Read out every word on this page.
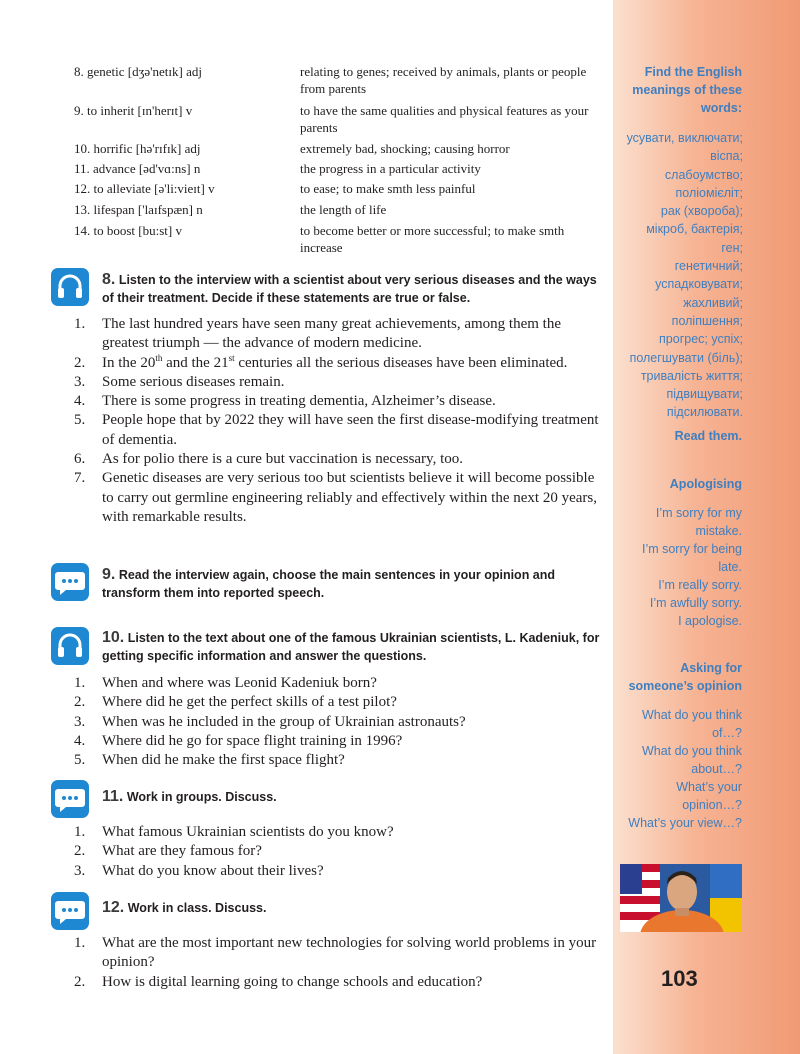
Find the English
meanings of these
words:
усувати, виключати;
віспа;
слабоумство;
поліомієліт;
рак (хвороба);
мікроб, бактерія;
ген;
генетичний;
успадковувати;
жахливий;
поліпшення;
прогрес; успіх;
полегшувати (біль);
тривалість життя;
підвищувати;
підсилювати.
Read them.
Apologising
I’m sorry for my
mistake.
I’m sorry for being
late.
I’m really sorry.
I’m awfully sorry.
I apologise.
Asking for
someone’s opinion
What do you think
of…?
What do you think
about…?
What’s your
opinion…?
What’s your view…?
103
8. genetic [dʒə'netɪk] adj	relating to genes; received by animals, plants or people from parents
9. to inherit [ɪn'herɪt] v	to have the same qualities and physical features as your parents
10. horrific [hə'rɪfɪk] adj	extremely bad, shocking; causing horror
11. advance [əd'vɑ:ns] n	the progress in a particular activity
12. to alleviate [ə'li:vieɪt] v	to ease; to make smth less painful
13. lifespan ['laɪfspæn] n	the length of life
14. to boost [bu:st] v	to become better or more successful; to make smth increase
8. Listen to the interview with a scientist about very serious diseases and the ways of their treatment. Decide if these statements are true or false.
1.	The last hundred years have seen many great achievements, among them the greatest triumph — the advance of modern medicine.
2.	In the 20th and the 21st centuries all the serious diseases have been eliminated.
3.	Some serious diseases remain.
4.	There is some progress in treating dementia, Alzheimer’s disease.
5.	People hope that by 2022 they will have seen the first disease-modifying treatment of dementia.
6.	As for polio there is a cure but vaccination is necessary, too.
7.	Genetic diseases are very serious too but scientists believe it will become possible to carry out germline engineering reliably and effectively within the next 20 years, with remarkable results.
9. Read the interview again, choose the main sentences in your opinion and transform them into reported speech.
10. Listen to the text about one of the famous Ukrainian scientists, L. Kadeniuk, for getting specific information and answer the questions.
1.	When and where was Leonid Kadeniuk born?
2.	Where did he get the perfect skills of a test pilot?
3.	When was he included in the group of Ukrainian astronauts?
4.	Where did he go for space flight training in 1996?
5.	When did he make the first space flight?
11. Work in groups. Discuss.
1.	What famous Ukrainian scientists do you know?
2.	What are they famous for?
3.	What do you know about their lives?
12. Work in class. Discuss.
1.	What are the most important new technologies for solving world problems in your opinion?
2.	How is digital learning going to change schools and education?
